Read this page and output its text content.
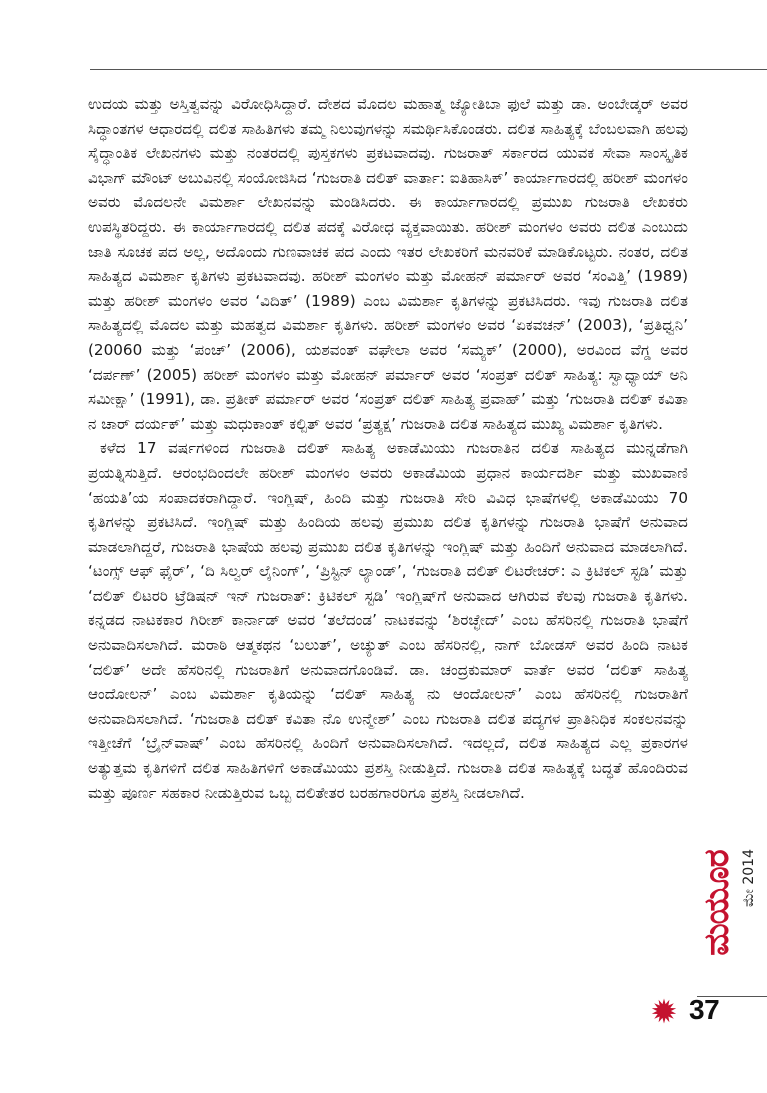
ಉದಯ ಮತ್ತು ಅಸ್ತಿತ್ವವನ್ನು ವಿರೋಧಿಸಿದ್ದಾರೆ. ದೇಶದ ಮೊದಲ ಮಹಾತ್ಮ ಜ್ಯೋತಿಬಾ ಫುಲೆ ಮತ್ತು ಡಾ. ಅಂಬೇಡ್ಕರ್ ಅವರ ಸಿದ್ಧಾಂತಗಳ ಆಧಾರದಲ್ಲಿ ದಲಿತ ಸಾಹಿತಿಗಳು ತಮ್ಮ ನಿಲುವುಗಳನ್ನು ಸಮರ್ಥಿಸಿಕೊಂಡರು. ದಲಿತ ಸಾಹಿತ್ಯಕ್ಕೆ ಬೆಂಬಲವಾಗಿ ಹಲವು ಸೈದ್ಧಾಂತಿಕ ಲೇಖನಗಳು ಮತ್ತು ನಂತರದಲ್ಲಿ ಪುಸ್ತಕಗಳು ಪ್ರಕಟವಾದವು. ಗುಜರಾತ್ ಸರ್ಕಾರದ ಯುವಕ ಸೇವಾ ಸಾಂಸ್ಕೃತಿಕ ವಿಭಾಗ್ ಮೌಂಟ್ ಅಬುವಿನಲ್ಲಿ ಸಂಯೋಜಿಸಿದ ‘ಗುಜರಾತಿ ದಲಿತ್ ವಾರ್ತಾ: ಐತಿಹಾಸಿಕ್’ ಕಾರ್ಯಾಗಾರದಲ್ಲಿ ಹರೀಶ್ ಮಂಗಳಂ ಅವರು ಮೊದಲನೇ ವಿಮರ್ಶಾ ಲೇಖನವನ್ನು ಮಂಡಿಸಿದರು. ಈ ಕಾರ್ಯಾಗಾರದಲ್ಲಿ ಪ್ರಮುಖ ಗುಜರಾತಿ ಲೇಖಕರು ಉಪಸ್ಥಿತರಿದ್ದರು. ಈ ಕಾರ್ಯಾಗಾರದಲ್ಲಿ ದಲಿತ ಪದಕ್ಕೆ ವಿರೋಧ ವ್ಯಕ್ತವಾಯಿತು. ಹರೀಶ್ ಮಂಗಳಂ ಅವರು ದಲಿತ ಎಂಬುದು ಜಾತಿ ಸೂಚಕ ಪದ ಅಲ್ಲ, ಅದೊಂದು ಗುಣವಾಚಕ ಪದ ಎಂದು ಇತರ ಲೇಖಕರಿಗೆ ಮನವರಿಕೆ ಮಾಡಿಕೊಟ್ಟರು. ನಂತರ, ದಲಿತ ಸಾಹಿತ್ಯದ ವಿಮರ್ಶಾ ಕೃತಿಗಳು ಪ್ರಕಟವಾದವು. ಹರೀಶ್ ಮಂಗಳಂ ಮತ್ತು ಮೋಹನ್ ಪರ್ಮಾರ್ ಅವರ ‘ಸಂವಿತ್ತಿ’ (1989) ಮತ್ತು ಹರೀಶ್ ಮಂಗಳಂ ಅವರ ‘ವಿದಿತ್’ (1989) ಎಂಬ ವಿಮರ್ಶಾ ಕೃತಿಗಳನ್ನು ಪ್ರಕಟಿಸಿದರು. ಇವು ಗುಜರಾತಿ ದಲಿತ ಸಾಹಿತ್ಯದಲ್ಲಿ ಮೊದಲ ಮತ್ತು ಮಹತ್ವದ ವಿಮರ್ಶಾ ಕೃತಿಗಳು. ಹರೀಶ್ ಮಂಗಳಂ ಅವರ ‘ಏಕವಚನ್’ (2003), ‘ಪ್ರತಿಧ್ವನಿ’ (20060 ಮತ್ತು ‘ಪಂಚ್’ (2006), ಯಶವಂತ್ ವಘೇಲಾ ಅವರ ‘ಸಮ್ಯಕ್’ (2000), ಅರವಿಂದ ವೆಗ್ಡ ಅವರ ‘ದರ್ಪಣ್’ (2005) ಹರೀಶ್ ಮಂಗಳಂ ಮತ್ತು ಮೋಹನ್ ಪರ್ಮಾರ್ ಅವರ ‘ಸಂಪ್ರತ್ ದಲಿತ್ ಸಾಹಿತ್ಯ: ಸ್ವಾಧ್ಯಾಯ್ ಅನಿ ಸಮೀಕ್ಷಾ’ (1991), ಡಾ. ಪ್ರತೀಕ್ ಪರ್ಮಾರ್ ಅವರ ‘ಸಂಪ್ರತ್ ದಲಿತ್ ಸಾಹಿತ್ಯ ಪ್ರವಾಹ್’ ಮತ್ತು ‘ಗುಜರಾತಿ ದಲಿತ್ ಕವಿತಾ ನ ಚಾರ್ ದರ್ಯಕ್’ ಮತ್ತು ಮಧುಕಾಂತ್ ಕಲ್ಪಿತ್ ಅವರ ‘ಪ್ರತ್ಯಕ್ಷ’ ಗುಜರಾತಿ ದಲಿತ ಸಾಹಿತ್ಯದ ಮುಖ್ಯ ವಿಮರ್ಶಾ ಕೃತಿಗಳು.

ಕಳೆದ 17 ವರ್ಷಗಳಿಂದ ಗುಜರಾತಿ ದಲಿತ್ ಸಾಹಿತ್ಯ ಅಕಾಡೆಮಿಯು ಗುಜರಾತಿನ ದಲಿತ ಸಾಹಿತ್ಯದ ಮುನ್ನಡೆಗಾಗಿ ಪ್ರಯತ್ನಿಸುತ್ತಿದೆ. ಆರಂಭದಿಂದಲೇ ಹರೀಶ್ ಮಂಗಳಂ ಅವರು ಅಕಾಡೆಮಿಯ ಪ್ರಧಾನ ಕಾರ್ಯದರ್ಶಿ ಮತ್ತು ಮುಖವಾಣಿ ‘ಹಯತಿ’ಯ ಸಂಪಾದಕರಾಗಿದ್ದಾರೆ. ಇಂಗ್ಲಿಷ್, ಹಿಂದಿ ಮತ್ತು ಗುಜರಾತಿ ಸೇರಿ ವಿವಿಧ ಭಾಷೆಗಳಲ್ಲಿ ಅಕಾಡೆಮಿಯು 70 ಕೃತಿಗಳನ್ನು ಪ್ರಕಟಿಸಿದೆ. ಇಂಗ್ಲಿಷ್ ಮತ್ತು ಹಿಂದಿಯ ಹಲವು ಪ್ರಮುಖ ದಲಿತ ಕೃತಿಗಳನ್ನು ಗುಜರಾತಿ ಭಾಷೆಗೆ ಅನುವಾದ ಮಾಡಲಾಗಿದ್ದರೆ, ಗುಜರಾತಿ ಭಾಷೆಯ ಹಲವು ಪ್ರಮುಖ ದಲಿತ ಕೃತಿಗಳನ್ನು ಇಂಗ್ಲಿಷ್ ಮತ್ತು ಹಿಂದಿಗೆ ಅನುವಾದ ಮಾಡಲಾಗಿದೆ. ‘ಟಂಗ್ಸ್ ಆಫ್ ಫೈರ್’, ‘ದಿ ಸಿಲ್ವರ್ ಲೈನಿಂಗ್’, ‘ಪ್ರಿಸ್ಟಿನ್ ಲ್ಯಾಂಡ್’, ‘ಗುಜರಾತಿ ದಲಿತ್ ಲಿಟರೇಚರ್: ಎ ಕ್ರಿಟಿಕಲ್ ಸ್ಟಡಿ’ ಮತ್ತು ‘ದಲಿತ್ ಲಿಟರರಿ ಟ್ರೆಡಿಷನ್ ಇನ್ ಗುಜರಾತ್: ಕ್ರಿಟಿಕಲ್ ಸ್ಟಡಿ’ ಇಂಗ್ಲಿಷ್‌ಗೆ ಅನುವಾದ ಆಗಿರುವ ಕೆಲವು ಗುಜರಾತಿ ಕೃತಿಗಳು. ಕನ್ನಡದ ನಾಟಕಕಾರ ಗಿರೀಶ್ ಕಾರ್ನಾಡ್ ಅವರ ‘ತಲೆದಂಡ’ ನಾಟಕವನ್ನು ‘ಶಿರಚ್ಛೇದ್’ ಎಂಬ ಹೆಸರಿನಲ್ಲಿ ಗುಜರಾತಿ ಭಾಷೆಗೆ ಅನುವಾದಿಸಲಾಗಿದೆ. ಮರಾಠಿ ಆತ್ಮಕಥನ ‘ಬಲುತ್’, ಅಚ್ಯುತ್ ಎಂಬ ಹೆಸರಿನಲ್ಲಿ, ನಾಗ್ ಬೋಡಸ್ ಅವರ ಹಿಂದಿ ನಾಟಕ ‘ದಲಿತ್’ ಅದೇ ಹೆಸರಿನಲ್ಲಿ ಗುಜರಾತಿಗೆ ಅನುವಾದಗೊಂಡಿವೆ. ಡಾ. ಚಂದ್ರಕುಮಾರ್ ವಾರ್ತೆ ಅವರ ‘ದಲಿತ್ ಸಾಹಿತ್ಯ ಆಂದೋಲನ್’ ಎಂಬ ವಿಮರ್ಶಾ ಕೃತಿಯನ್ನು ‘ದಲಿತ್ ಸಾಹಿತ್ಯ ನು ಆಂದೋಲನ್’ ಎಂಬ ಹೆಸರಿನಲ್ಲಿ ಗುಜರಾತಿಗೆ ಅನುವಾದಿಸಲಾಗಿದೆ. ‘ಗುಜರಾತಿ ದಲಿತ್ ಕವಿತಾ ನೊ ಉನ್ಮೇಶ್’ ಎಂಬ ಗುಜರಾತಿ ದಲಿತ ಪದ್ಯಗಳ ಪ್ರಾತಿನಿಧಿಕ ಸಂಕಲನವನ್ನು ಇತ್ತೀಚೆಗೆ ‘ಬ್ರೈನ್‌ವಾಷ್’ ಎಂಬ ಹೆಸರಿನಲ್ಲಿ ಹಿಂದಿಗೆ ಅನುವಾದಿಸಲಾಗಿದೆ. ಇದಲ್ಲದೆ, ದಲಿತ ಸಾಹಿತ್ಯದ ಎಲ್ಲ ಪ್ರಕಾರಗಳ ಅತ್ಯುತ್ತಮ ಕೃತಿಗಳಿಗೆ ದಲಿತ ಸಾಹಿತಿಗಳಿಗೆ ಅಕಾಡೆಮಿಯು ಪ್ರಶಸ್ತಿ ನೀಡುತ್ತಿದೆ. ಗುಜರಾತಿ ದಲಿತ ಸಾಹಿತ್ಯಕ್ಕೆ ಬದ್ಧತೆ ಹೊಂದಿರುವ ಮತ್ತು ಪೂರ್ಣ ಸಹಕಾರ ನೀಡುತ್ತಿರುವ ಒಬ್ಬ ದಲಿತೇತರ ಬರಹಗಾರರಿಗೂ ಪ್ರಶಸ್ತಿ ನೀಡಲಾಗಿದೆ.

ಮಯೂರ ಮೇ 2014
37
